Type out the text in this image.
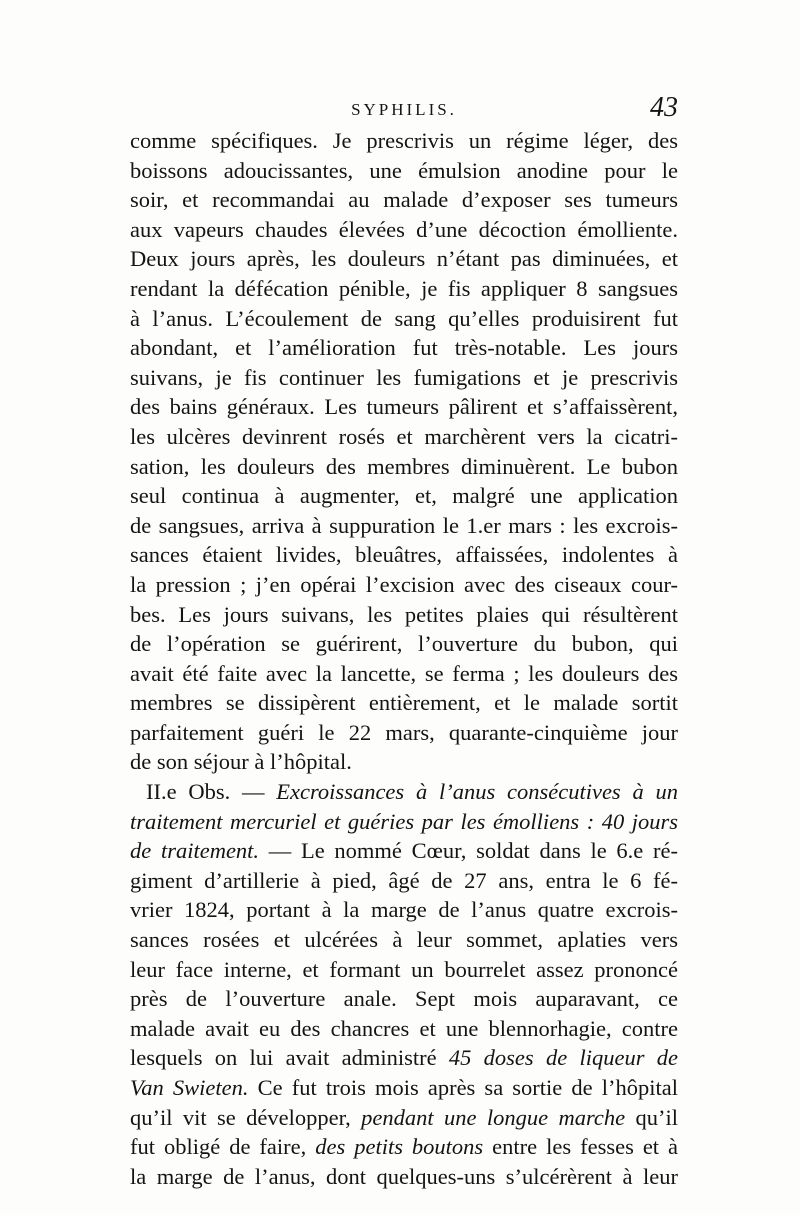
SYPHILIS.	43
comme spécifiques. Je prescrivis un régime léger, des
boissons adoucissantes, une émulsion anodine pour le
soir, et recommandai au malade d’exposer ses tumeurs
aux vapeurs chaudes élevées d’une décoction émolliente.
Deux jours après, les douleurs n’étant pas diminuées, et
rendant la défécation pénible, je fis appliquer 8 sangsues
à l’anus. L’écoulement de sang qu’elles produisirent fut
abondant, et l’amélioration fut très-notable. Les jours
suivans, je fis continuer les fumigations et je prescrivis
des bains généraux. Les tumeurs pâlirent et s’affaissèrent,
les ulcères devinrent rosés et marchèrent vers la cicatri-
sation, les douleurs des membres diminuèrent. Le bubon
seul continua à augmenter, et, malgré une application
de sangsues, arriva à suppuration le 1.er mars : les excrois-
sances étaient livides, bleuâtres, affaissées, indolentes à
la pression ; j’en opérai l’excision avec des ciseaux cour-
bes. Les jours suivans, les petites plaies qui résultèrent
de l’opération se guérirent, l’ouverture du bubon, qui
avait été faite avec la lancette, se ferma ; les douleurs des
membres se dissipèrent entièrement, et le malade sortit
parfaitement guéri le 22 mars, quarante-cinquième jour
de son séjour à l’hôpital.
II.e Obs. — Excroissances à l’anus consécutives à un
traitement mercuriel et guéries par les émolliens : 40 jours
de traitement. — Le nommé Cœur, soldat dans le 6.e ré-
giment d’artillerie à pied, âgé de 27 ans, entra le 6 fé-
vrier 1824, portant à la marge de l’anus quatre excrois-
sances rosées et ulcérées à leur sommet, aplaties vers
leur face interne, et formant un bourrelet assez prononcé
près de l’ouverture anale. Sept mois auparavant, ce
malade avait eu des chancres et une blennorhagie, contre
lesquels on lui avait administré 45 doses de liqueur de
Van Swieten. Ce fut trois mois après sa sortie de l’hôpital
qu’il vit se développer, pendant une longue marche qu’il
fut obligé de faire, des petits boutons entre les fesses et à
la marge de l’anus, dont quelques-uns s’ulcérèrent à leur
